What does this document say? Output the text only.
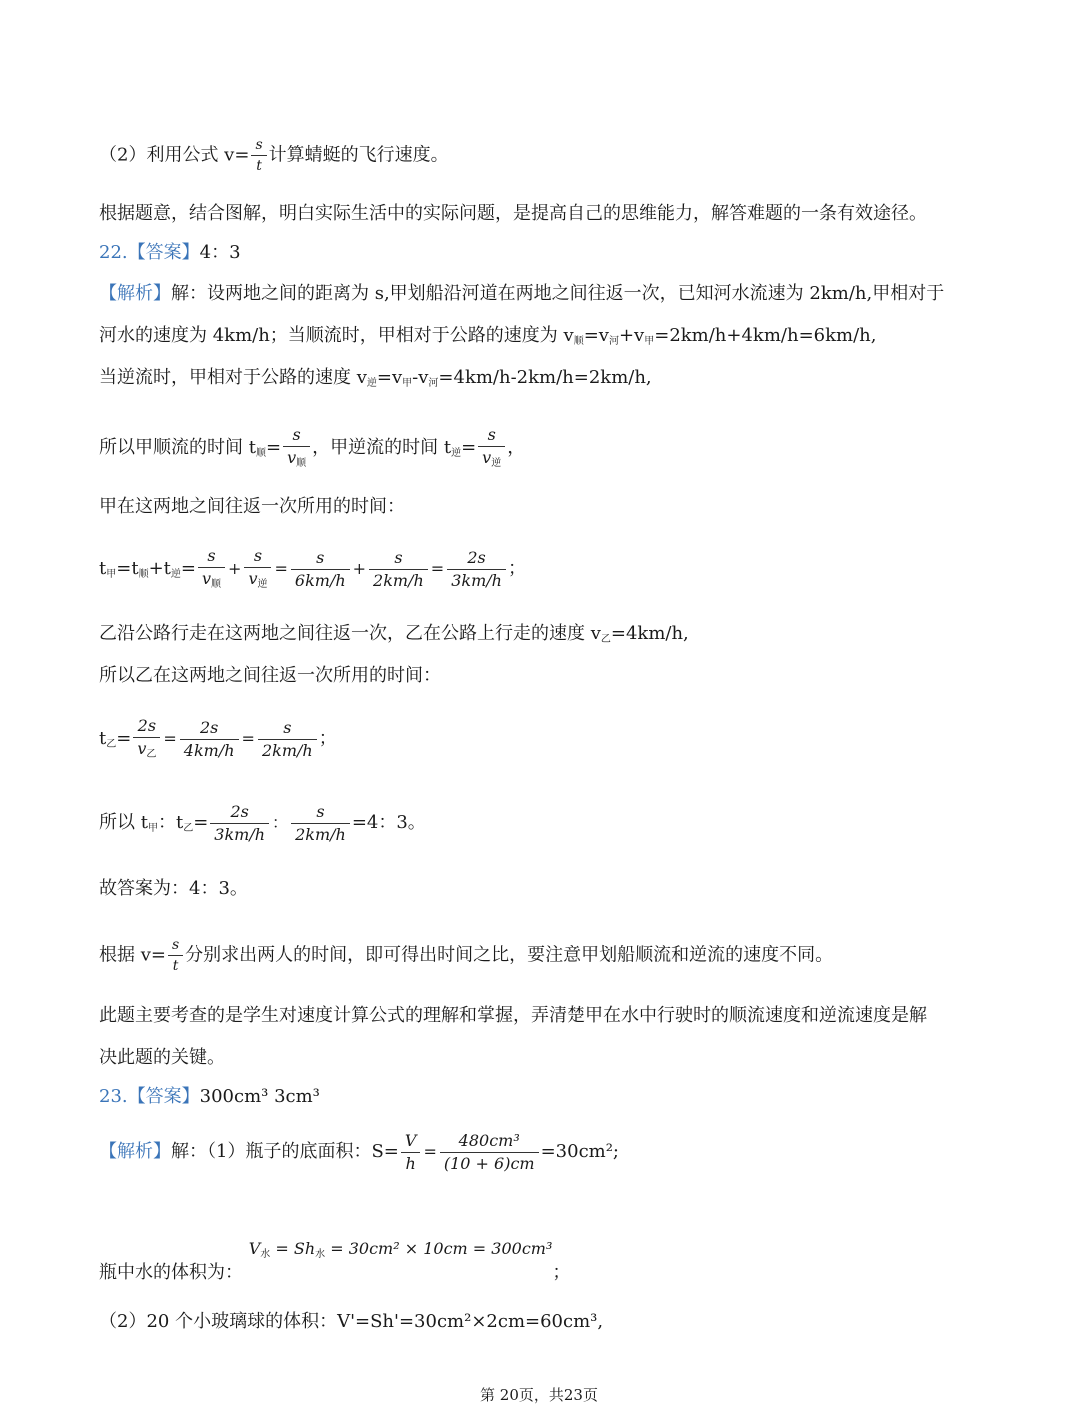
（2）利用公式 $v= \frac{s}{t}$ 计算蜻蜓的飞行速度。
根据题意，结合图解，明白实际生活中的实际问题，是提高自己的思维能力，解答难题的一条有效途径。
22.【答案】4：3
【解析】解：设两地之间的距离为 s,甲划船沿河道在两地之间往返一次，已知河水流速为 2km/h,甲相对于
河水的速度为 4km/h；当顺流时，甲相对于公路的速度为 $v_顺=v_河+v_甲=2km/h+4km/h=6km/h$,
当逆流时，甲相对于公路的速度 $v_逆=v_甲-v_河=4km/h-2km/h=2km/h$,
所以甲顺流的时间 $t_顺= \frac{s}{v_顺}$ ，甲逆流的时间 $t_逆= \frac{s}{v_逆}$ ，
甲在这两地之间往返一次所用的时间：
$t_甲=t_顺+t_逆= \frac{s}{v_顺} + \frac{s}{v_逆} = \frac{s}{6km/h} + \frac{s}{2km/h} = \frac{2s}{3km/h}$ ；
乙沿公路行走在这两地之间往返一次，乙在公路上行走的速度 $v_乙=4km/h$,
所以乙在这两地之间往返一次所用的时间：
$t_乙= \frac{2s}{v_乙} = \frac{2s}{4km/h} = \frac{s}{2km/h}$ ；
所以 $t_甲$：$t_乙= \frac{2s}{3km/h}$ ： $\frac{s}{2km/h} =4$：3。
故答案为：4：3。
根据 $v= \frac{s}{t}$ 分别求出两人的时间，即可得出时间之比，要注意甲划船顺流和逆流的速度不同。
此题主要考查的是学生对速度计算公式的理解和掌握，弄清楚甲在水中行驶时的顺流速度和逆流速度是解
决此题的关键。
23.【答案】300cm³ 3cm³
【解析】解：（1）瓶子的底面积：$S= \frac{V}{h} = \frac{\text{480cm³}}{(10 + 6)cm} =30cm^2$;
瓶中水的体积为： $V_水 = Sh_水 = 30cm^2 \times 10cm = 300cm^3$；
（2）20 个小玻璃球的体积：V'=Sh'=30cm²×2cm=60cm³,
第 20页，共23页
